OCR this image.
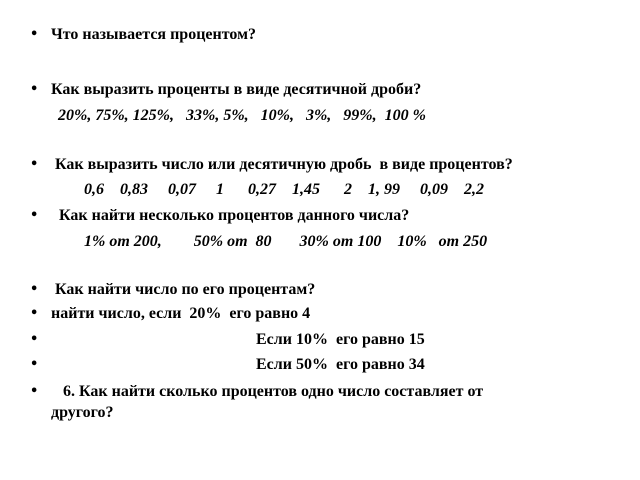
•

Что называется процентом?

•

Как выразить проценты в виде десятичной дроби?

20%, 75%, 125%,   33%, 5%,   10%,   3%,   99%,  100 %

•

Как выразить число или десятичную дробь  в виде процентов?

0,6    0,83     0,07     1      0,27    1,45      2    1, 99     0,09    2,2

•

Как найти несколько процентов данного числа?

1% от 200,        50% от  80       30% от 100    10%   от 250

•

Как найти число по его процентам?

•

найти число, если  20%  его равно 4

•

	Если 10%  его равно 15

•

	Если 50%  его равно 34

•

6. Как найти сколько процентов одно число составляет от

другого?
